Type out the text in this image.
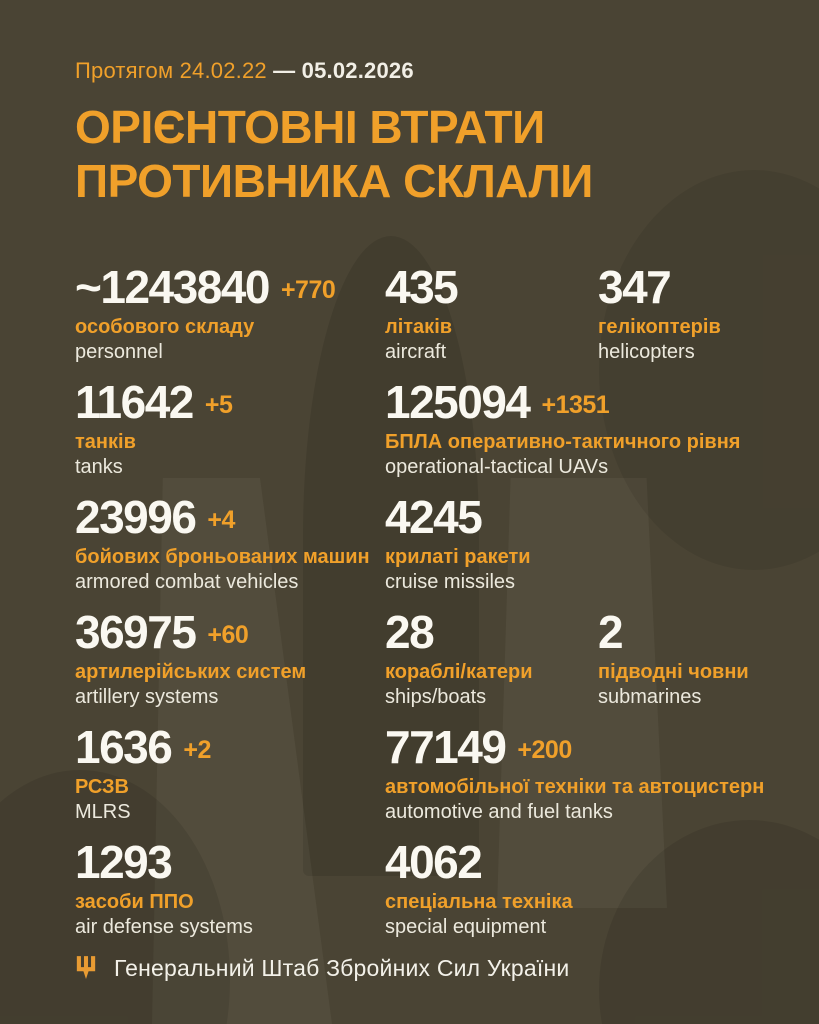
Протягом 24.02.22 — 05.02.2026
ОРІЄНТОВНІ ВТРАТИ
ПРОТИВНИКА СКЛАЛИ
~1243840 +770
особового складу
personnel
435
літаків
aircraft
347
гелікоптерів
helicopters
11642 +5
танків
tanks
125094 +1351
БПЛА оперативно-тактичного рівня
operational-tactical UAVs
23996 +4
бойових броньованих машин
armored combat vehicles
4245
крилаті ракети
cruise missiles
36975 +60
артилерійських систем
artillery systems
28
кораблі/катери
ships/boats
2
підводні човни
submarines
1636 +2
РСЗВ
MLRS
77149 +200
автомобільної техніки та автоцистерн
automotive and fuel tanks
1293
засоби ППО
air defense systems
4062
спеціальна техніка
special equipment
Генеральний Штаб Збройних Сил України
